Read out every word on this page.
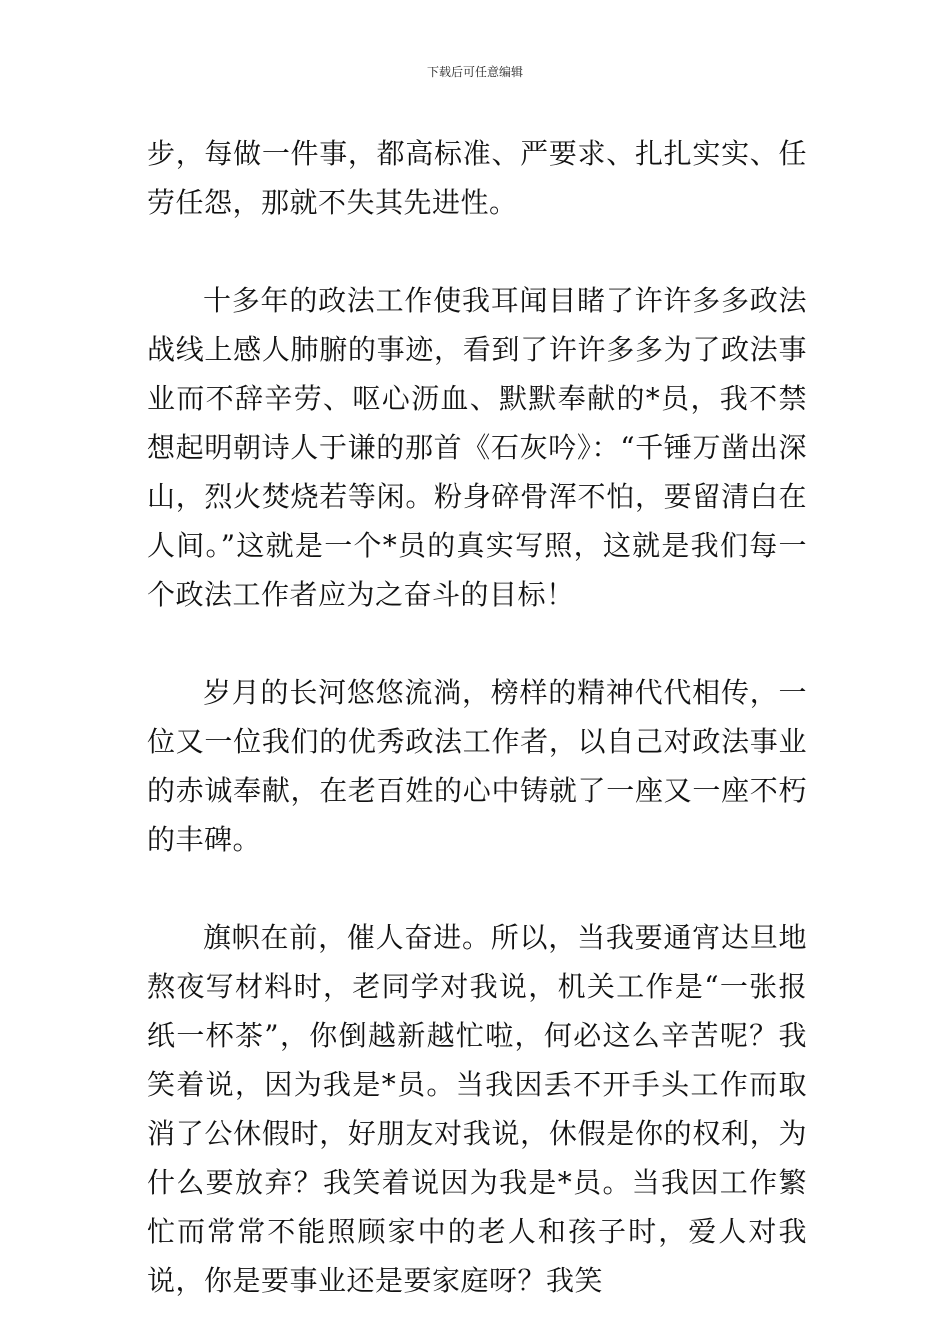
下载后可任意编辑

步，每做一件事，都高标准、严要求、扎扎实实、任劳任怨，那就不失其先进性。

十多年的政法工作使我耳闻目睹了许许多多政法战线上感人肺腑的事迹，看到了许许多多为了政法事业而不辞辛劳、呕心沥血、默默奉献的*员，我不禁想起明朝诗人于谦的那首《石灰吟》：“千锤万凿出深山，烈火焚烧若等闲。粉身碎骨浑不怕，要留清白在人间。”这就是一个*员的真实写照，这就是我们每一个政法工作者应为之奋斗的目标！

岁月的长河悠悠流淌，榜样的精神代代相传，一位又一位我们的优秀政法工作者，以自己对政法事业的赤诚奉献，在老百姓的心中铸就了一座又一座不朽的丰碑。

旗帜在前，催人奋进。所以，当我要通宵达旦地熬夜写材料时，老同学对我说，机关工作是“一张报纸一杯茶”，你倒越新越忙啦，何必这么辛苦呢？我笑着说，因为我是*员。当我因丢不开手头工作而取消了公休假时，好朋友对我说，休假是你的权利，为什么要放弃？我笑着说因为我是*员。当我因工作繁忙而常常不能照顾家中的老人和孩子时，爱人对我说，你是要事业还是要家庭呀？我笑
